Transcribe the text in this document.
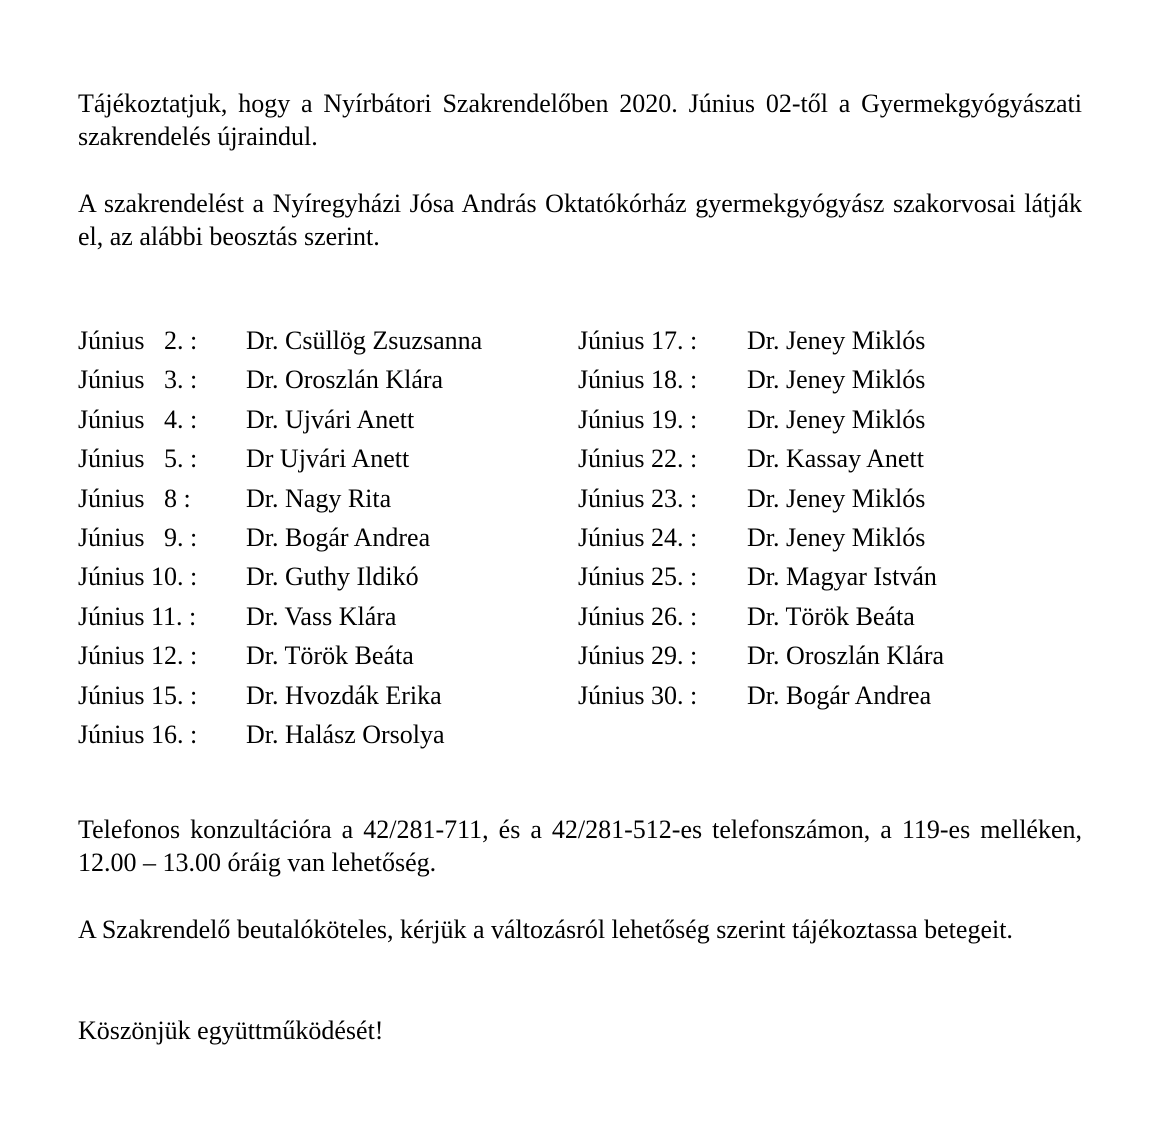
Tájékoztatjuk, hogy a Nyírbátori Szakrendelőben 2020. Június 02-től a Gyermekgyógyászati szakrendelés újraindul.

A szakrendelést a Nyíregyházi Jósa András Oktatókórház gyermekgyógyász szakorvosai látják el, az alábbi beosztás szerint.

Június   2. : Dr. Csüllög Zsuzsanna
Június   3. : Dr. Oroszlán Klára
Június   4. : Dr. Ujvári Anett
Június   5. : Dr Ujvári Anett
Június   8 : Dr. Nagy Rita
Június   9. : Dr. Bogár Andrea
Június 10. : Dr. Guthy Ildikó
Június 11. : Dr. Vass Klára
Június 12. : Dr. Török Beáta
Június 15. : Dr. Hvozdák Erika
Június 16. : Dr. Halász Orsolya
Június 17. : Dr. Jeney Miklós
Június 18. : Dr. Jeney Miklós
Június 19. : Dr. Jeney Miklós
Június 22. : Dr. Kassay Anett
Június 23. : Dr. Jeney Miklós
Június 24. : Dr. Jeney Miklós
Június 25. : Dr. Magyar István
Június 26. : Dr. Török Beáta
Június 29. : Dr. Oroszlán Klára
Június 30. : Dr. Bogár Andrea

Telefonos konzultációra a 42/281-711, és a 42/281-512-es telefonszámon, a 119-es melléken, 12.00 – 13.00 óráig van lehetőség.

A Szakrendelő beutalóköteles, kérjük a változásról lehetőség szerint tájékoztassa betegeit.

Köszönjük együttműködését!
